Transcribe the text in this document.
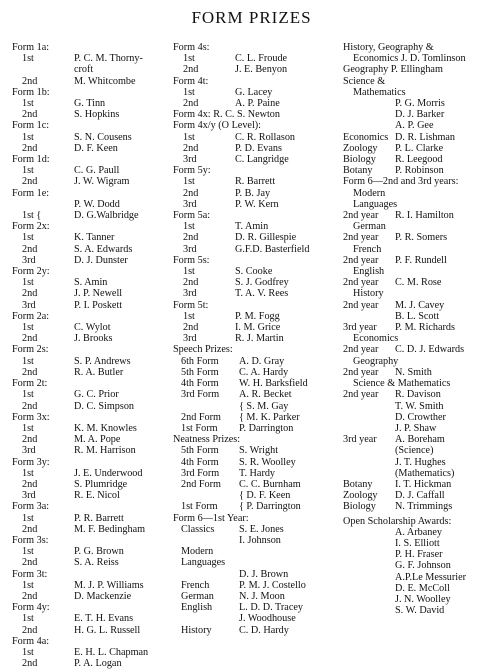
FORM PRIZES
Form 1a:
1st	P. C. M. Thorny-
croft
2nd	M. Whitcombe
Form 1b:
1st	G. Tinn
2nd	S. Hopkins
Form 1c:
1st	S. N. Cousens
2nd	D. F. Keen
Form 1d:
1st	C. G. Paull
2nd	J. W. Wigram
Form 1e:
P. W. Dodd
1st {	D. G.Walbridge
Form 2x:
1st	K. Tanner
2nd	S. A. Edwards
3rd	D. J. Dunster
Form 2y:
1st	S. Amin
2nd	J. P. Newell
3rd	P. I. Poskett
Form 2a:
1st	C. Wylot
2nd	J. Brooks
Form 2s:
1st	S. P. Andrews
2nd	R. A. Butler
Form 2t:
1st	G. C. Prior
2nd	D. C. Simpson
Form 3x:
1st	K. M. Knowles
2nd	M. A. Pope
3rd	R. M. Harrison
Form 3y:
1st	J. E. Underwood
2nd	S. Plumridge
3rd	R. E. Nicol
Form 3a:
1st	P. R. Barrett
2nd	M. F. Bedingham
Form 3s:
1st	P. G. Brown
2nd	S. A. Reiss
Form 3t:
1st	M. J. P. Williams
2nd	D. Mackenzie
Form 4y:
1st	E. T. H. Evans
2nd	H. G. L. Russell
Form 4a:
1st	E. H. L. Chapman
2nd	P. A. Logan
Form 4s:
1st	C. L. Froude
2nd	J. E. Benyon
Form 4t:
1st	G. Lacey
2nd	A. P. Paine
Form 4x: R. C. S. Newton
Form 4x/y (O Level):
1st	C. R. Rollason
2nd	P. D. Evans
3rd	C. Langridge
Form 5y:
1st	R. Barrett
2nd	P. B. Jay
3rd	P. W. Kern
Form 5a:
1st	T. Amin
2nd	D. R. Gillespie
3rd	G.F.D. Basterfield
Form 5s:
1st	S. Cooke
2nd	S. J. Godfrey
3rd	T. A. V. Rees
Form 5t:
1st	P. M. Fogg
2nd	I. M. Grice
3rd	R. J. Martin
Speech Prizes:
6th Form	A. D. Gray
5th Form	C. A. Hardy
4th Form	W. H. Barksfield
3rd Form	A. R. Becket
{ S. M. Gay
2nd Form	{ M. K. Parker
1st Form	P. Darrington
Neatness Prizes:
5th Form	S. Wright
4th Form	S. R. Woolley
3rd Form	T. Hardy
2nd Form	C. C. Burnham
{ D. F. Keen
1st Form	{ P. Darrington
Form 6—1st Year:
Classics	S. E. Jones
I. Johnson
Modern
Languages
D. J. Brown
French	P. M. J. Costello
German	N. J. Moon
English	L. D. D. Tracey
J. Woodhouse
History	C. D. Hardy
History, Geography &
Economics J. D. Tomlinson
Geography P. Ellingham
Science &
Mathematics
P. G. Morris
D. J. Barker
A. P. Gee
Economics D. R. Lishman
Zoology	P. L. Clarke
Biology	R. Leegood
Botany	P. Robinson
Form 6—2nd and 3rd years:
Modern
Languages
2nd year	R. I. Hamilton
German
2nd year	P. R. Somers
French
2nd year	P. F. Rundell
English
2nd year	C. M. Rose
History
2nd year	M. J. Cavey
B. L. Scott
3rd year	P. M. Richards
Economics
2nd year	C. D. J. Edwards
Geography
2nd year	N. Smith
Science & Mathematics
2nd year	R. Davison
T. W. Smith
D. Crowther
J. P. Shaw
3rd year	A. Boreham
(Science)
J. T. Hughes
(Mathematics)
Botany	I. T. Hickman
Zoology	D. J. Caffall
Biology	N. Trimmings
Open Scholarship Awards:
A. Arbaney
I. S. Elliott
P. H. Fraser
G. F. Johnson
A.P.Le Messurier
D. E. McColl
J. N. Woolley
S. W. David
